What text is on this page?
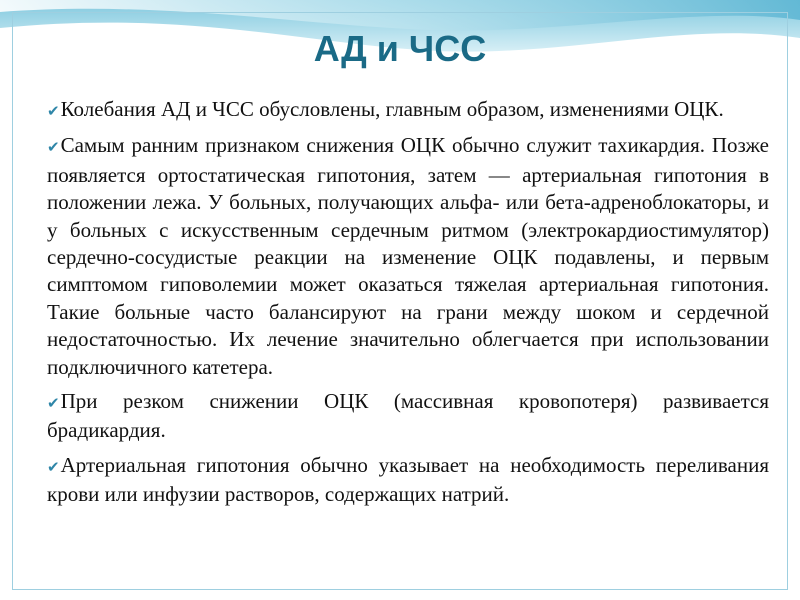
АД и ЧСС
✔Колебания АД и ЧСС обусловлены, главным образом, изменениями ОЦК.
✔Самым ранним признаком снижения ОЦК обычно служит тахикардия. Позже появляется ортостатическая гипотония, затем — артериальная гипотония в положении лежа. У больных, получающих альфа- или бета-адреноблокаторы, и у больных с искусственным сердечным ритмом (электрокардиостимулятор) сердечно-сосудистые реакции на изменение ОЦК подавлены, и первым симптомом гиповолемии может оказаться тяжелая артериальная гипотония. Такие больные часто балансируют на грани между шоком и сердечной недостаточностью. Их лечение значительно облегчается при использовании подключичного катетера.
✔При резком снижении ОЦК (массивная кровопотеря) развивается брадикардия.
✔Артериальная гипотония обычно указывает на необходимость переливания крови или инфузии растворов, содержащих натрий.
